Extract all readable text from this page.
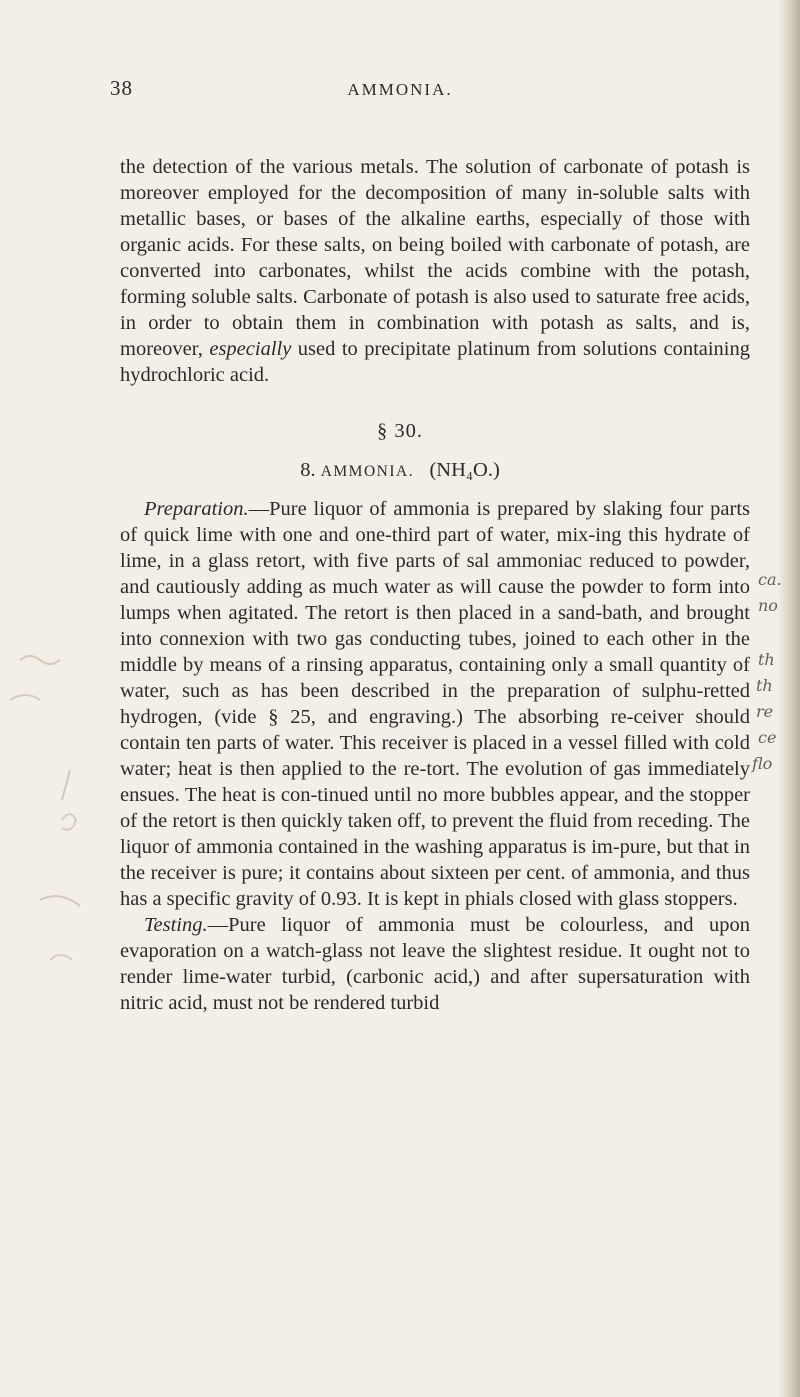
38	AMMONIA.

the detection of the various metals. The solution of carbonate of potash is moreover employed for the decomposition of many in-soluble salts with metallic bases, or bases of the alkaline earths, especially of those with organic acids. For these salts, on being boiled with carbonate of potash, are converted into carbonates, whilst the acids combine with the potash, forming soluble salts. Carbonate of potash is also used to saturate free acids, in order to obtain them in combination with potash as salts, and is, moreover, especially used to precipitate platinum from solutions containing hydrochloric acid.

§ 30.
8. AMMONIA. (NH₄O.)

Preparation.—Pure liquor of ammonia is prepared by slaking four parts of quick lime with one and one-third part of water, mix-ing this hydrate of lime, in a glass retort, with five parts of sal ammoniac reduced to powder, and cautiously adding as much water as will cause the powder to form into lumps when agitated. The retort is then placed in a sand-bath, and brought into connexion with two gas conducting tubes, joined to each other in the middle by means of a rinsing apparatus, containing only a small quantity of water, such as has been described in the preparation of sulphu-retted hydrogen, (vide § 25, and engraving.) The absorbing re-ceiver should contain ten parts of water. This receiver is placed in a vessel filled with cold water; heat is then applied to the re-tort. The evolution of gas immediately ensues. The heat is con-tinued until no more bubbles appear, and the stopper of the retort is then quickly taken off, to prevent the fluid from receding. The liquor of ammonia contained in the washing apparatus is im-pure, but that in the receiver is pure; it contains about sixteen per cent. of ammonia, and thus has a specific gravity of 0.93. It is kept in phials closed with glass stoppers.

Testing.—Pure liquor of ammonia must be colourless, and upon evaporation on a watch-glass not leave the slightest residue. It ought not to render lime-water turbid, (carbonic acid,) and after supersaturation with nitric acid, must not be rendered turbid

ca.
no
th
th
re
ce
flo
